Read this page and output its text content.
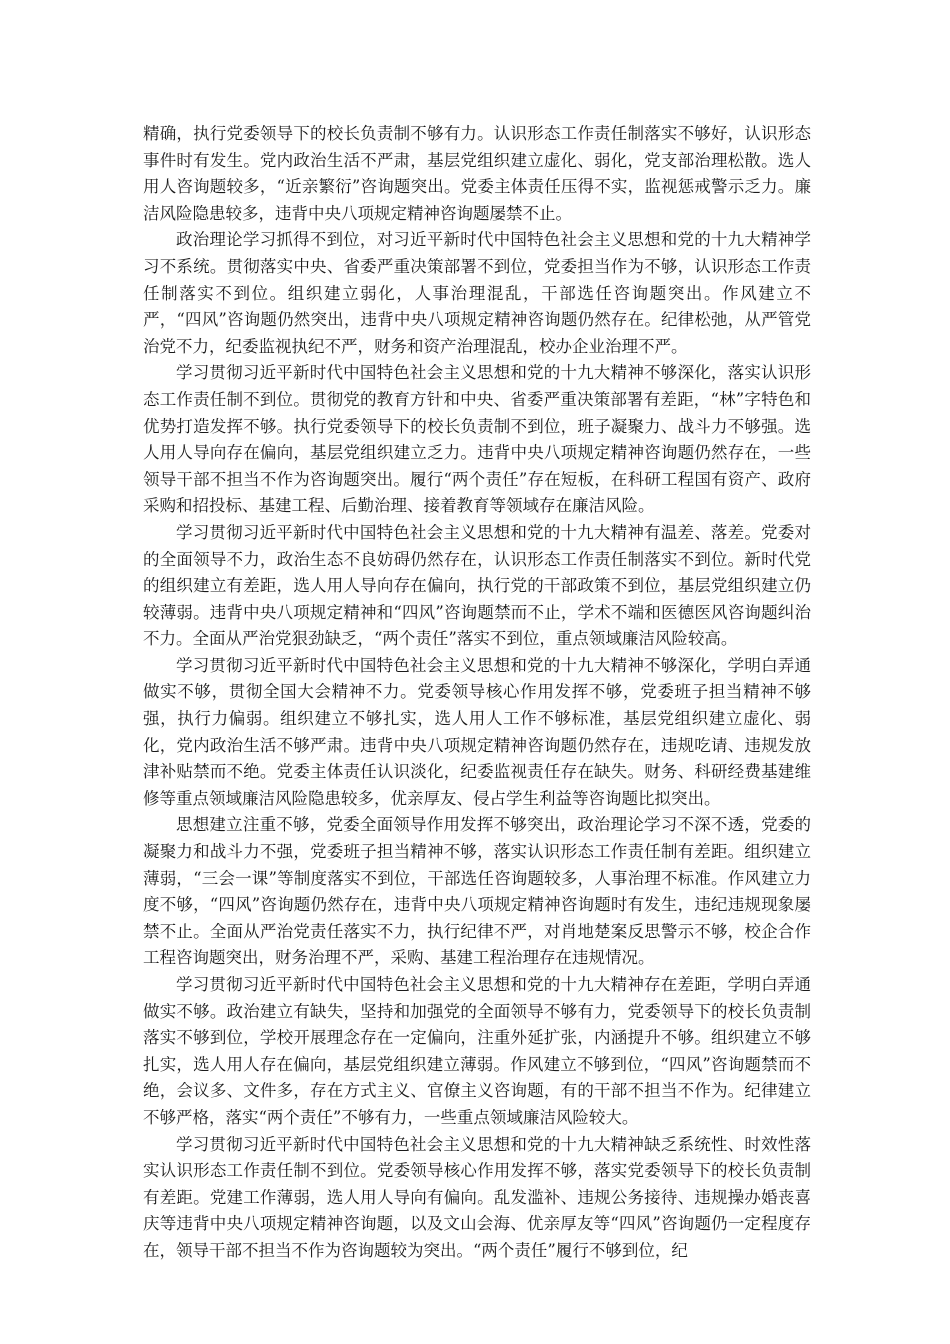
精确，执行党委领导下的校长负责制不够有力。认识形态工作责任制落实不够好，认识形态事件时有发生。党内政治生活不严肃，基层党组织建立虚化、弱化，党支部治理松散。选人用人咨询题较多，“近亲繁衍”咨询题突出。党委主体责任压得不实，监视惩戒警示乏力。廉洁风险隐患较多，违背中央八项规定精神咨询题屡禁不止。

政治理论学习抓得不到位，对习近平新时代中国特色社会主义思想和党的十九大精神学习不系统。贯彻落实中央、省委严重决策部署不到位，党委担当作为不够，认识形态工作责任制落实不到位。组织建立弱化，人事治理混乱，干部选任咨询题突出。作风建立不严，“四风”咨询题仍然突出，违背中央八项规定精神咨询题仍然存在。纪律松弛，从严管党治党不力，纪委监视执纪不严，财务和资产治理混乱，校办企业治理不严。

学习贯彻习近平新时代中国特色社会主义思想和党的十九大精神不够深化，落实认识形态工作责任制不到位。贯彻党的教育方针和中央、省委严重决策部署有差距，“林”字特色和优势打造发挥不够。执行党委领导下的校长负责制不到位，班子凝聚力、战斗力不够强。选人用人导向存在偏向，基层党组织建立乏力。违背中央八项规定精神咨询题仍然存在，一些领导干部不担当不作为咨询题突出。履行“两个责任”存在短板，在科研工程国有资产、政府采购和招投标、基建工程、后勤治理、接着教育等领域存在廉洁风险。

学习贯彻习近平新时代中国特色社会主义思想和党的十九大精神有温差、落差。党委对的全面领导不力，政治生态不良妨碍仍然存在，认识形态工作责任制落实不到位。新时代党的组织建立有差距，选人用人导向存在偏向，执行党的干部政策不到位，基层党组织建立仍较薄弱。违背中央八项规定精神和“四风”咨询题禁而不止，学术不端和医德医风咨询题纠治不力。全面从严治党狠劲缺乏，“两个责任”落实不到位，重点领域廉洁风险较高。

学习贯彻习近平新时代中国特色社会主义思想和党的十九大精神不够深化，学明白弄通做实不够，贯彻全国大会精神不力。党委领导核心作用发挥不够，党委班子担当精神不够强，执行力偏弱。组织建立不够扎实，选人用人工作不够标准，基层党组织建立虚化、弱化，党内政治生活不够严肃。违背中央八项规定精神咨询题仍然存在，违规吃请、违规发放津补贴禁而不绝。党委主体责任认识淡化，纪委监视责任存在缺失。财务、科研经费基建维修等重点领域廉洁风险隐患较多，优亲厚友、侵占学生利益等咨询题比拟突出。

思想建立注重不够，党委全面领导作用发挥不够突出，政治理论学习不深不透，党委的凝聚力和战斗力不强，党委班子担当精神不够，落实认识形态工作责任制有差距。组织建立薄弱，“三会一课”等制度落实不到位，干部选任咨询题较多，人事治理不标准。作风建立力度不够，“四风”咨询题仍然存在，违背中央八项规定精神咨询题时有发生，违纪违规现象屡禁不止。全面从严治党责任落实不力，执行纪律不严，对肖地楚案反思警示不够，校企合作工程咨询题突出，财务治理不严，采购、基建工程治理存在违规情况。

学习贯彻习近平新时代中国特色社会主义思想和党的十九大精神存在差距，学明白弄通做实不够。政治建立有缺失，坚持和加强党的全面领导不够有力，党委领导下的校长负责制落实不够到位，学校开展理念存在一定偏向，注重外延扩张，内涵提升不够。组织建立不够扎实，选人用人存在偏向，基层党组织建立薄弱。作风建立不够到位，“四风”咨询题禁而不绝，会议多、文件多，存在方式主义、官僚主义咨询题，有的干部不担当不作为。纪律建立不够严格，落实“两个责任”不够有力，一些重点领域廉洁风险较大。

学习贯彻习近平新时代中国特色社会主义思想和党的十九大精神缺乏系统性、时效性落实认识形态工作责任制不到位。党委领导核心作用发挥不够，落实党委领导下的校长负责制有差距。党建工作薄弱，选人用人导向有偏向。乱发滥补、违规公务接待、违规操办婚丧喜庆等违背中央八项规定精神咨询题，以及文山会海、优亲厚友等“四风”咨询题仍一定程度存在，领导干部不担当不作为咨询题较为突出。“两个责任”履行不够到位，纪
